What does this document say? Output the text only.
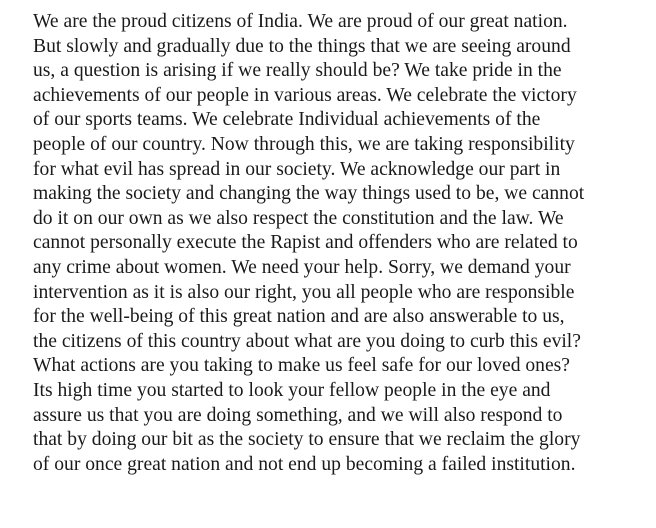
We are the proud citizens of India. We are proud of our great nation.
But slowly and gradually due to the things that we are seeing around
us, a question is arising if we really should be? We take pride in the
achievements of our people in various areas. We celebrate the victory
of our sports teams. We celebrate Individual achievements of the
people of our country. Now through this, we are taking responsibility
for what evil has spread in our society. We acknowledge our part in
making the society and changing the way things used to be, we cannot
do it on our own as we also respect the constitution and the law. We
cannot personally execute the Rapist and offenders who are related to
any crime about women. We need your help. Sorry, we demand your
intervention as it is also our right, you all people who are responsible
for the well-being of this great nation and are also answerable to us,
the citizens of this country about what are you doing to curb this evil?
What actions are you taking to make us feel safe for our loved ones?
Its high time you started to look your fellow people in the eye and
assure us that you are doing something, and we will also respond to
that by doing our bit as the society to ensure that we reclaim the glory
of our once great nation and not end up becoming a failed institution.
